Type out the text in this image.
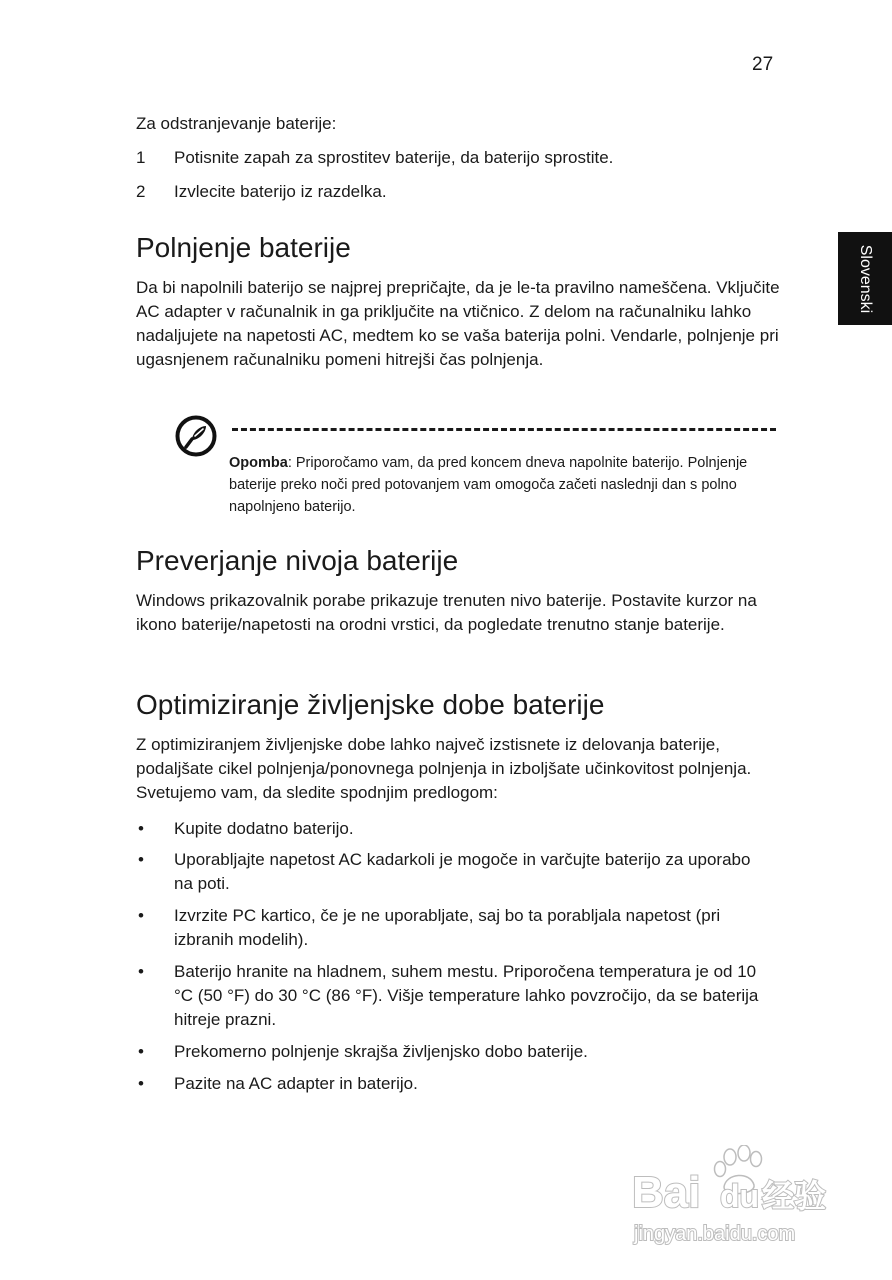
27
Slovenski
Za odstranjevanje baterije:
1 Potisnite zapah za sprostitev baterije, da baterijo sprostite.
2 Izvlecite baterijo iz razdelka.
Polnjenje baterije
Da bi napolnili baterijo se najprej prepričajte, da je le-ta pravilno nameščena. Vključite AC adapter v računalnik in ga priključite na vtičnico. Z delom na računalniku lahko nadaljujete na napetosti AC, medtem ko se vaša baterija polni. Vendarle, polnjenje pri ugasnjenem računalniku pomeni hitrejši čas polnjenja.
Opomba: Priporočamo vam, da pred koncem dneva napolnite baterijo. Polnjenje baterije preko noči pred potovanjem vam omogoča začeti naslednji dan s polno napolnjeno baterijo.
Preverjanje nivoja baterije
Windows prikazovalnik porabe prikazuje trenuten nivo baterije. Postavite kurzor na ikono baterije/napetosti na orodni vrstici, da pogledate trenutno stanje baterije.
Optimiziranje življenjske dobe baterije
Z optimiziranjem življenjske dobe lahko največ izstisnete iz delovanja baterije, podaljšate cikel polnjenja/ponovnega polnjenja in izboljšate učinkovitost polnjenja. Svetujemo vam, da sledite spodnjim predlogom:
• Kupite dodatno baterijo.
• Uporabljajte napetost AC kadarkoli je mogoče in varčujte baterijo za uporabo na poti.
• Izvrzite PC kartico, če je ne uporabljate, saj bo ta porabljala napetost (pri izbranih modelih).
• Baterijo hranite na hladnem, suhem mestu. Priporočena temperatura je od 10 °C (50 °F) do 30 °C (86 °F). Višje temperature lahko povzročijo, da se baterija hitreje prazni.
• Prekomerno polnjenje skrajša življenjsko dobo baterije.
• Pazite na AC adapter in baterijo.
Bai du 经验
jingyan.baidu.com
